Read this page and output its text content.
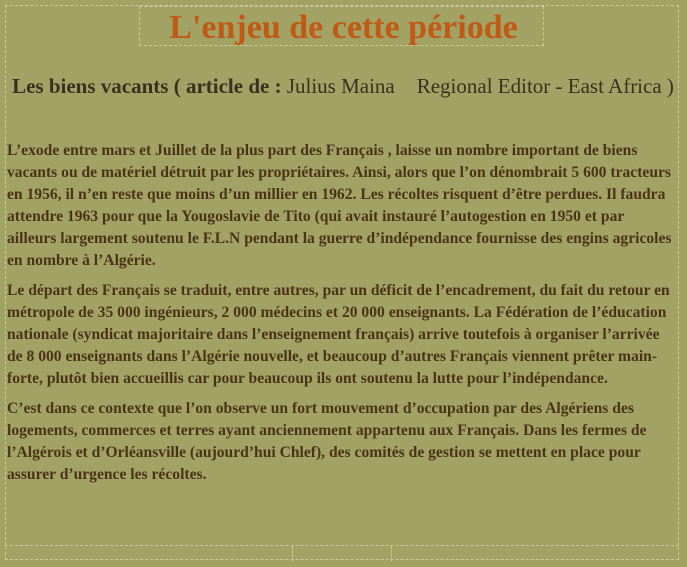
L'enjeu de cette période
Les biens vacants ( article de : Julius Maina Regional Editor - East Africa )

L’exode entre mars et Juillet de la plus part des Français , laisse un nombre important de biens vacants ou de matériel détruit par les propriétaires. Ainsi, alors que l’on dénombrait 5 600 tracteurs en 1956, il n’en reste que moins d’un millier en 1962. Les récoltes risquent d’être perdues. Il faudra attendre 1963 pour que la Yougoslavie de Tito (qui avait instauré l’autogestion en 1950 et par ailleurs largement soutenu le F.L.N pendant la guerre d’indépendance fournisse des engins agricoles en nombre à l’Algérie.

Le départ des Français se traduit, entre autres, par un déficit de l’encadrement, du fait du retour en métropole de 35 000 ingénieurs, 2 000 médecins et 20 000 enseignants. La Fédération de l’éducation nationale (syndicat majoritaire dans l’enseignement français) arrive toutefois à organiser l’arrivée de 8 000 enseignants dans l’Algérie nouvelle, et beaucoup d’autres Français viennent prêter main-forte, plutôt bien accueillis car pour beaucoup ils ont soutenu la lutte pour l’indépendance.

C’est dans ce contexte que l’on observe un fort mouvement d’occupation par des Algériens des logements, commerces et terres ayant anciennement appartenu aux Français. Dans les fermes de l’Algérois et d’Orléansville (aujourd’hui Chlef), des comités de gestion se mettent en place pour assurer d’urgence les récoltes.
